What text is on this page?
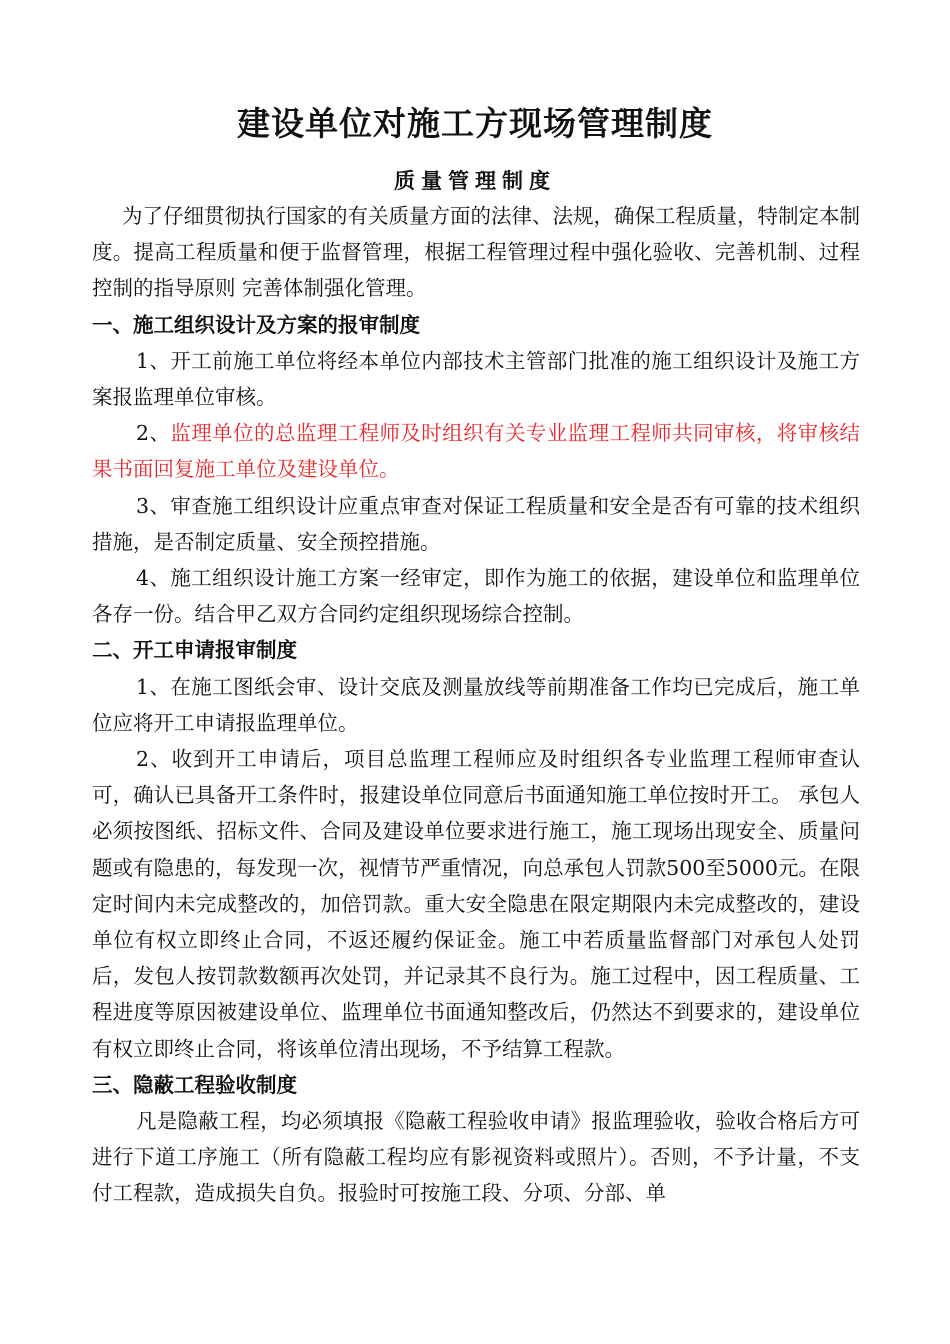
建设单位对施工方现场管理制度
质量管理制度

为了仔细贯彻执行国家的有关质量方面的法律、法规，确保工程质量，特制定本制度。提高工程质量和便于监督管理，根据工程管理过程中强化验收、完善机制、过程控制的指导原则 完善体制强化管理。

一、施工组织设计及方案的报审制度

1、开工前施工单位将经本单位内部技术主管部门批准的施工组织设计及施工方案报监理单位审核。

2、监理单位的总监理工程师及时组织有关专业监理工程师共同审核，将审核结果书面回复施工单位及建设单位。

3、审查施工组织设计应重点审查对保证工程质量和安全是否有可靠的技术组织措施，是否制定质量、安全预控措施。

4、施工组织设计施工方案一经审定，即作为施工的依据，建设单位和监理单位各存一份。结合甲乙双方合同约定组织现场综合控制。

二、开工申请报审制度

1、在施工图纸会审、设计交底及测量放线等前期准备工作均已完成后，施工单位应将开工申请报监理单位。

2、收到开工申请后，项目总监理工程师应及时组织各专业监理工程师审查认可，确认已具备开工条件时，报建设单位同意后书面通知施工单位按时开工。 承包人必须按图纸、招标文件、合同及建设单位要求进行施工，施工现场出现安全、质量问题或有隐患的，每发现一次，视情节严重情况，向总承包人罚款500至5000元。在限定时间内未完成整改的，加倍罚款。重大安全隐患在限定期限内未完成整改的，建设单位有权立即终止合同，不返还履约保证金。施工中若质量监督部门对承包人处罚后，发包人按罚款数额再次处罚，并记录其不良行为。施工过程中，因工程质量、工程进度等原因被建设单位、监理单位书面通知整改后，仍然达不到要求的，建设单位有权立即终止合同，将该单位清出现场，不予结算工程款。

三、隐蔽工程验收制度

凡是隐蔽工程，均必须填报《隐蔽工程验收申请》报监理验收，验收合格后方可进行下道工序施工（所有隐蔽工程均应有影视资料或照片）。否则，不予计量，不支付工程款，造成损失自负。报验时可按施工段、分项、分部、单
